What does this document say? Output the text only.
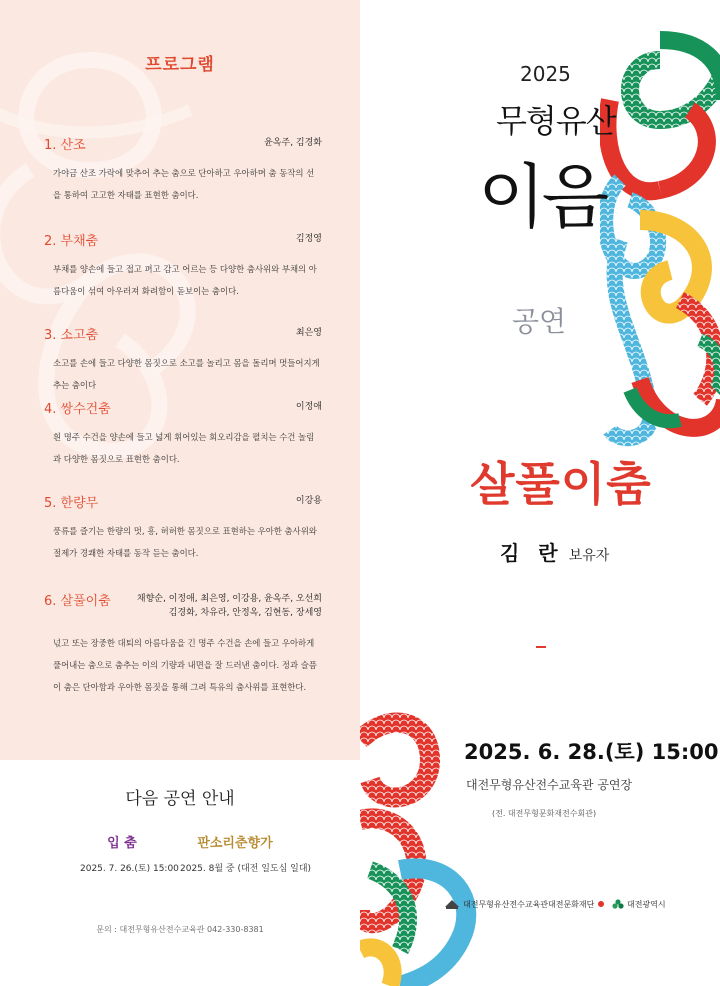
프로그램
1. 산조	윤옥주, 김경화
가야금 산조 가락에 맞추어 추는 춤으로 단아하고 우아하며 춤 동작의 선을 통하여 고고한 자태를 표현한 춤이다.
2. 부채춤	김정영
부채를 양손에 들고 접고 펴고 감고 어르는 등 다양한 춤사위와 부채의 아름다움이 섞여 아우러져 화려함이 돋보이는 춤이다.
3. 소고춤	최은영
소고를 손에 들고 다양한 몸짓으로 소고를 놀리고 몸을 돌리며 멋들어지게 추는 춤이다
4. 쌍수건춤	이정애
흰 명주 수건을 양손에 들고 넓게 휘어있는 회오리감을 펼치는 수건 놀림과 다양한 몸짓으로 표현한 춤이다.
5. 한량무	이강용
풍류를 즐기는 한량의 멋, 흥, 허허한 몸짓으로 표현하는 우아한 춤사위와 절제가 경쾌한 자태를 동작 듣는 춤이다.
6. 살풀이춤	채향순, 이정애, 최은영, 이강용, 윤옥주, 오선희
김경화, 차유라, 안정옥, 김현동, 장세영
넋고 또는 장중한 대퇴의 아름다움을 긴 명주 수건을 손에 들고 우아하게 풀어내는 춤으로 춤추는 이의 기량과 내면을 잘 드러낸 춤이다. 정과 슬픔이 춤은 단아함과 우아한 몸짓을 통해 그려 특유의 춤사위를 표현한다.
다음 공연 안내
입 춤
2025. 7. 26.(토) 15:00
판소리춘향가
2025. 8월 중 (대전 일도심 일대)
문의 : 대전무형유산전수교육관 042-330-8381
2025
무형유산
이음
공연
살풀이춤
김 란 보유자
2025. 6. 28.(토) 15:00
대전무형유산전수교육관 공연장
(전. 대전무형문화재전수회관)
대전무형유산전수교육관 대전문화재단	대전광역시
